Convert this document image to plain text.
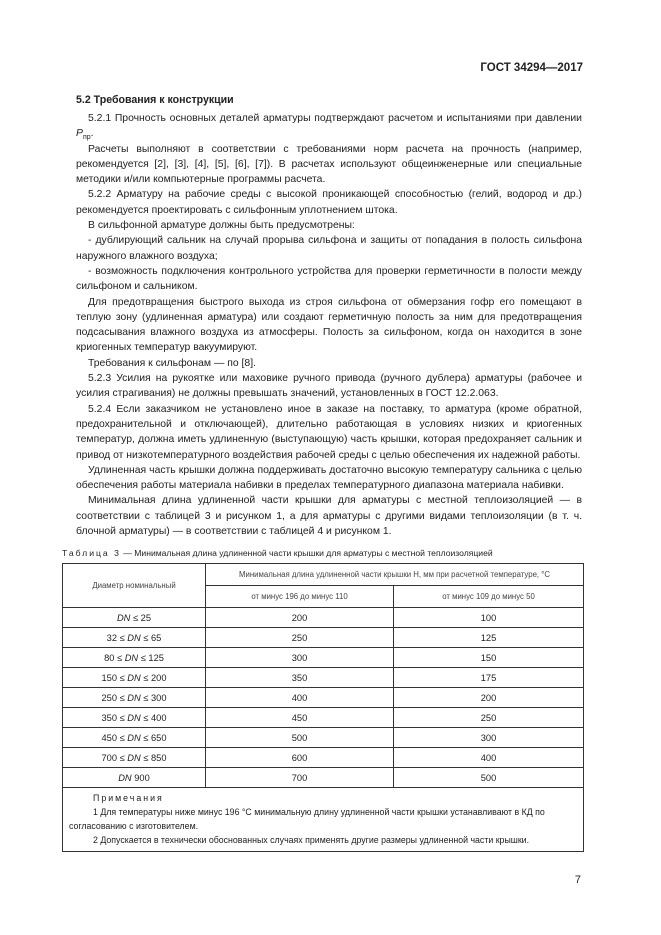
ГОСТ 34294—2017
5.2 Требования к конструкции

5.2.1 Прочность основных деталей арматуры подтверждают расчетом и испытаниями при давлении $P_{пр}$.

Расчеты выполняют в соответствии с требованиями норм расчета на прочность (например, рекомендуется [2], [3], [4], [5], [6], [7]). В расчетах используют общеинженерные или специальные методики и/или компьютерные программы расчета.

5.2.2 Арматуру на рабочие среды с высокой проникающей способностью (гелий, водород и др.) рекомендуется проектировать с сильфонным уплотнением штока.

В сильфонной арматуре должны быть предусмотрены:

- дублирующий сальник на случай прорыва сильфона и защиты от попадания в полость сильфона наружного влажного воздуха;

- возможность подключения контрольного устройства для проверки герметичности в полости между сильфоном и сальником.

Для предотвращения быстрого выхода из строя сильфона от обмерзания гофр его помещают в теплую зону (удлиненная арматура) или создают герметичную полость за ним для предотвращения подсасывания влажного воздуха из атмосферы. Полость за сильфоном, когда он находится в зоне криогенных температур вакуумируют.

Требования к сильфонам — по [8].

5.2.3 Усилия на рукоятке или маховике ручного привода (ручного дублера) арматуры (рабочее и усилия страгивания) не должны превышать значений, установленных в ГОСТ 12.2.063.

5.2.4 Если заказчиком не установлено иное в заказе на поставку, то арматура (кроме обратной, предохранительной и отключающей), длительно работающая в условиях низких и криогенных температур, должна иметь удлиненную (выступающую) часть крышки, которая предохраняет сальник и привод от низкотемпературного воздействия рабочей среды с целью обеспечения их надежной работы.

Удлиненная часть крышки должна поддерживать достаточно высокую температуру сальника с целью обеспечения работы материала набивки в пределах температурного диапазона материала набивки.

Минимальная длина удлиненной части крышки для арматуры с местной теплоизоляцией — в соответствии с таблицей 3 и рисунком 1, а для арматуры с другими видами теплоизоляции (в т. ч. блочной арматуры) — в соответствии с таблицей 4 и рисунком 1.

Таблица 3 — Минимальная длина удлиненной части крышки для арматуры с местной теплоизоляцией
Диаметр номинальный	Минимальная длина удлиненной части крышки H, мм при расчетной температуре, °C	
	от минус 196 до минус 110	от минус 109 до минус 50
DN ≤ 25	200	100
32 ≤ DN ≤ 65	250	125
80 ≤ DN ≤ 125	300	150
150 ≤ DN ≤ 200	350	175
250 ≤ DN ≤ 300	400	200
350 ≤ DN ≤ 400	450	250
450 ≤ DN ≤ 650	500	300
700 ≤ DN ≤ 850	600	400
DN 900	700	500

Примечания
1 Для температуры ниже минус 196 °С минимальную длину удлиненной части крышки устанавливают в КД по согласованию с изготовителем.
2 Допускается в технически обоснованных случаях применять другие размеры удлиненной части крышки.		
7
